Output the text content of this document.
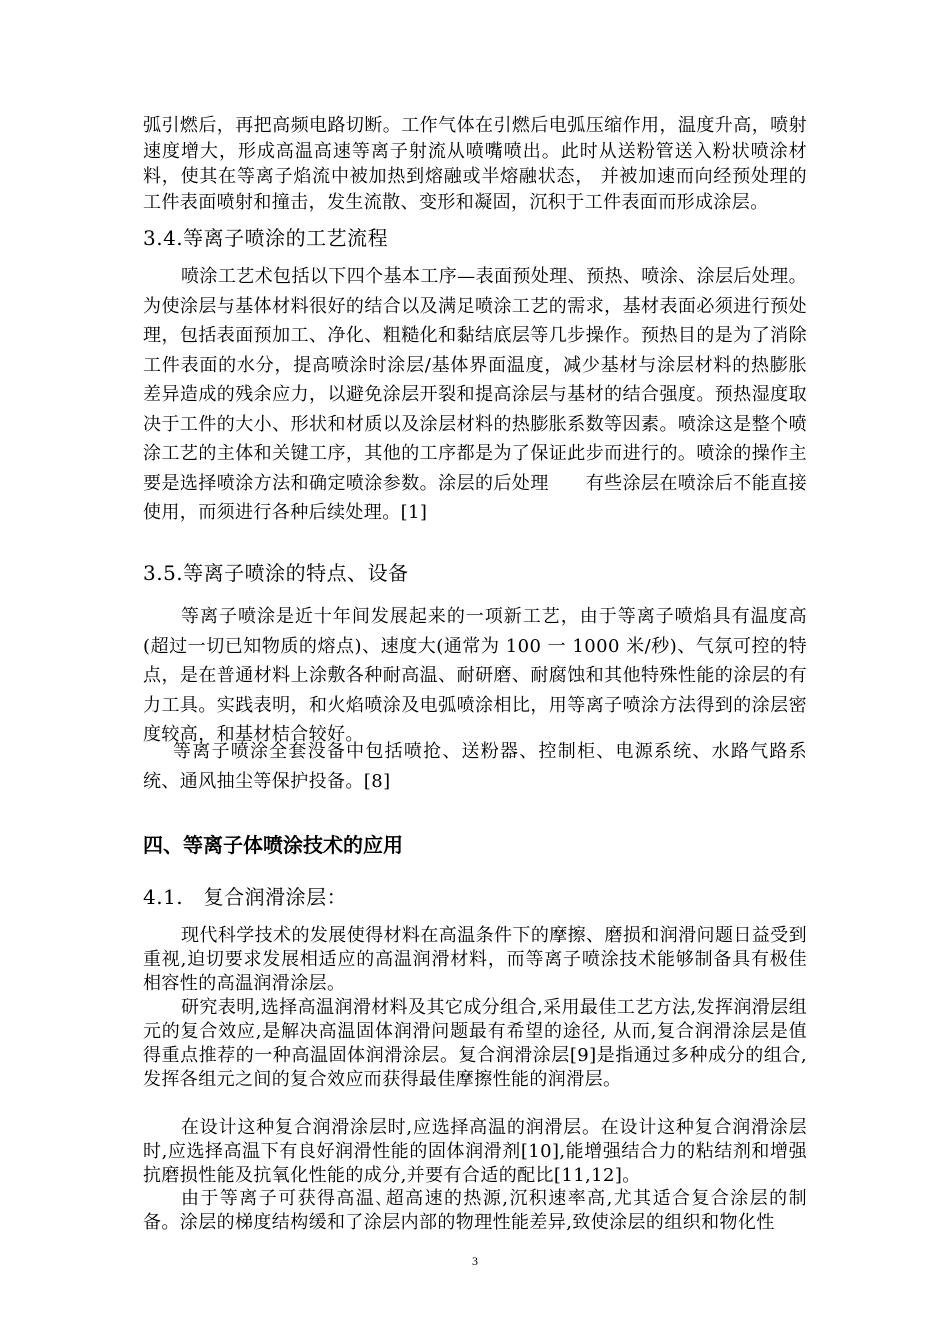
弧引燃后，再把高频电路切断。工作气体在引燃后电弧压缩作用，温度升高，喷射速度增大，形成高温高速等离子射流从喷嘴喷出。此时从送粉管送入粉状喷涂材料，使其在等离子焰流中被加热到熔融或半熔融状态， 并被加速而向经预处理的工件表面喷射和撞击，发生流散、变形和凝固，沉积于工件表面而形成涂层。

3.4.等离子喷涂的工艺流程

喷涂工艺术包括以下四个基本工序—表面预处理、预热、喷涂、涂层后处理。为使涂层与基体材料很好的结合以及满足喷涂工艺的需求，基材表面必须进行预处理，包括表面预加工、净化、粗糙化和黏结底层等几步操作。预热目的是为了消除工件表面的水分，提高喷涂时涂层/基体界面温度，减少基材与涂层材料的热膨胀差异造成的残余应力，以避免涂层开裂和提高涂层与基材的结合强度。预热湿度取决于工件的大小、形状和材质以及涂层材料的热膨胀系数等因素。喷涂这是整个喷涂工艺的主体和关键工序，其他的工序都是为了保证此步而进行的。喷涂的操作主要是选择喷涂方法和确定喷涂参数。涂层的后处理　　有些涂层在喷涂后不能直接使用，而须进行各种后续处理。[1]

3.5.等离子喷涂的特点、设备

等离子喷涂是近十年间发展起来的一项新工艺，由于等离子喷焰具有温度高(超过一切已知物质的熔点)、速度大(通常为 100 一 1000 米/秒)、气氛可控的特点，是在普通材料上涂敷各种耐高温、耐研磨、耐腐蚀和其他特殊性能的涂层的有力工具。实践表明，和火焰喷涂及电弧喷涂相比，用等离子喷涂方法得到的涂层密度较高，和基材桔合较好。

等离子喷涂全套没备中包括喷抢、送粉器、控制柜、电源系统、水路气路系统、通风抽尘等保护投备。[8]

四、等离子体喷涂技术的应用
4.1.　复合润滑涂层：

现代科学技术的发展使得材料在高温条件下的摩擦、磨损和润滑问题日益受到重视,迫切要求发展相适应的高温润滑材料，而等离子喷涂技术能够制备具有极佳相容性的高温润滑涂层。

研究表明,选择高温润滑材料及其它成分组合,采用最佳工艺方法,发挥润滑层组元的复合效应,是解决高温固体润滑问题最有希望的途径, 从而,复合润滑涂层是值得重点推荐的一种高温固体润滑涂层。复合润滑涂层[9]是指通过多种成分的组合,发挥各组元之间的复合效应而获得最佳摩擦性能的润滑层。

在设计这种复合润滑涂层时,应选择高温的润滑层。在设计这种复合润滑涂层时,应选择高温下有良好润滑性能的固体润滑剂[10],能增强结合力的粘结剂和增强抗磨损性能及抗氧化性能的成分,并要有合适的配比[11,12]。

由于等离子可获得高温､超高速的热源,沉积速率高,尤其适合复合涂层的制备。涂层的梯度结构缓和了涂层内部的物理性能差异,致使涂层的组织和物化性

3
